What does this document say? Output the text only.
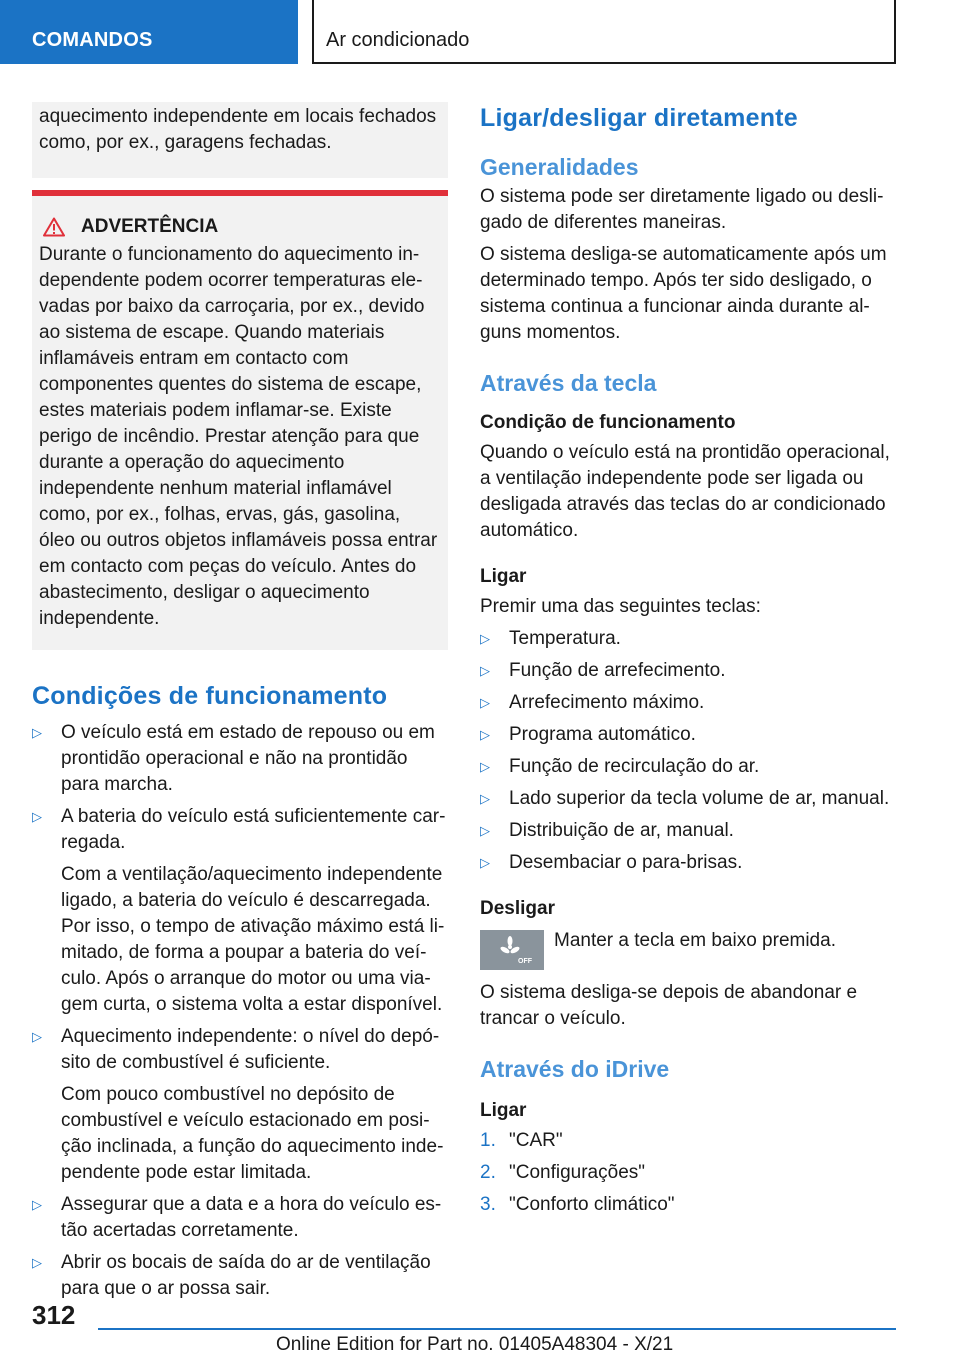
COMANDOS	Ar condicionado

aquecimento independente em locais fechados como, por ex., garagens fechadas.

ADVERTÊNCIA

Durante o funcionamento do aquecimento independente podem ocorrer temperaturas elevadas por baixo da carroçaria, por ex., devido ao sistema de escape. Quando materiais inflamáveis entram em contacto com componentes quentes do sistema de escape, estes materiais podem inflamar-se. Existe perigo de incêndio. Prestar atenção para que durante a operação do aquecimento independente nenhum material inflamável como, por ex., folhas, ervas, gás, gasolina, óleo ou outros objetos inflamáveis possa entrar em contacto com peças do veículo. Antes do abastecimento, desligar o aquecimento independente.

Condições de funcionamento
▷ O veículo está em estado de repouso ou em prontidão operacional e não na prontidão para marcha.

▷ A bateria do veículo está suficientemente carregada.

Com a ventilação/aquecimento independente ligado, a bateria do veículo é descarregada. Por isso, o tempo de ativação máximo está limitado, de forma a poupar a bateria do veículo. Após o arranque do motor ou uma viagem curta, o sistema volta a estar disponível.

▷ Aquecimento independente: o nível do depósito de combustível é suficiente.

Com pouco combustível no depósito de combustível e veículo estacionado em posição inclinada, a função do aquecimento independente pode estar limitada.

▷ Assegurar que a data e a hora do veículo estão acertadas corretamente.

▷ Abrir os bocais de saída do ar de ventilação para que o ar possa sair.

Ligar/desligar diretamente
Generalidades

O sistema pode ser diretamente ligado ou desligado de diferentes maneiras.

O sistema desliga-se automaticamente após um determinado tempo. Após ter sido desligado, o sistema continua a funcionar ainda durante alguns momentos.

Através da tecla
Condição de funcionamento

Quando o veículo está na prontidão operacional, a ventilação independente pode ser ligada ou desligada através das teclas do ar condicionado automático.

Ligar

Premir uma das seguintes teclas:

▷ Temperatura.

▷ Função de arrefecimento.

▷ Arrefecimento máximo.

▷ Programa automático.

▷ Função de recirculação do ar.

▷ Lado superior da tecla volume de ar, manual.

▷ Distribuição de ar, manual.

▷ Desembaciar o para-brisas.

Desligar
OFF

Manter a tecla em baixo premida.

O sistema desliga-se depois de abandonar e trancar o veículo.

Através do iDrive
Ligar
1. "CAR"

2. "Configurações"

3. "Conforto climático"

312
Online Edition for Part no. 01405A48304 - X/21
